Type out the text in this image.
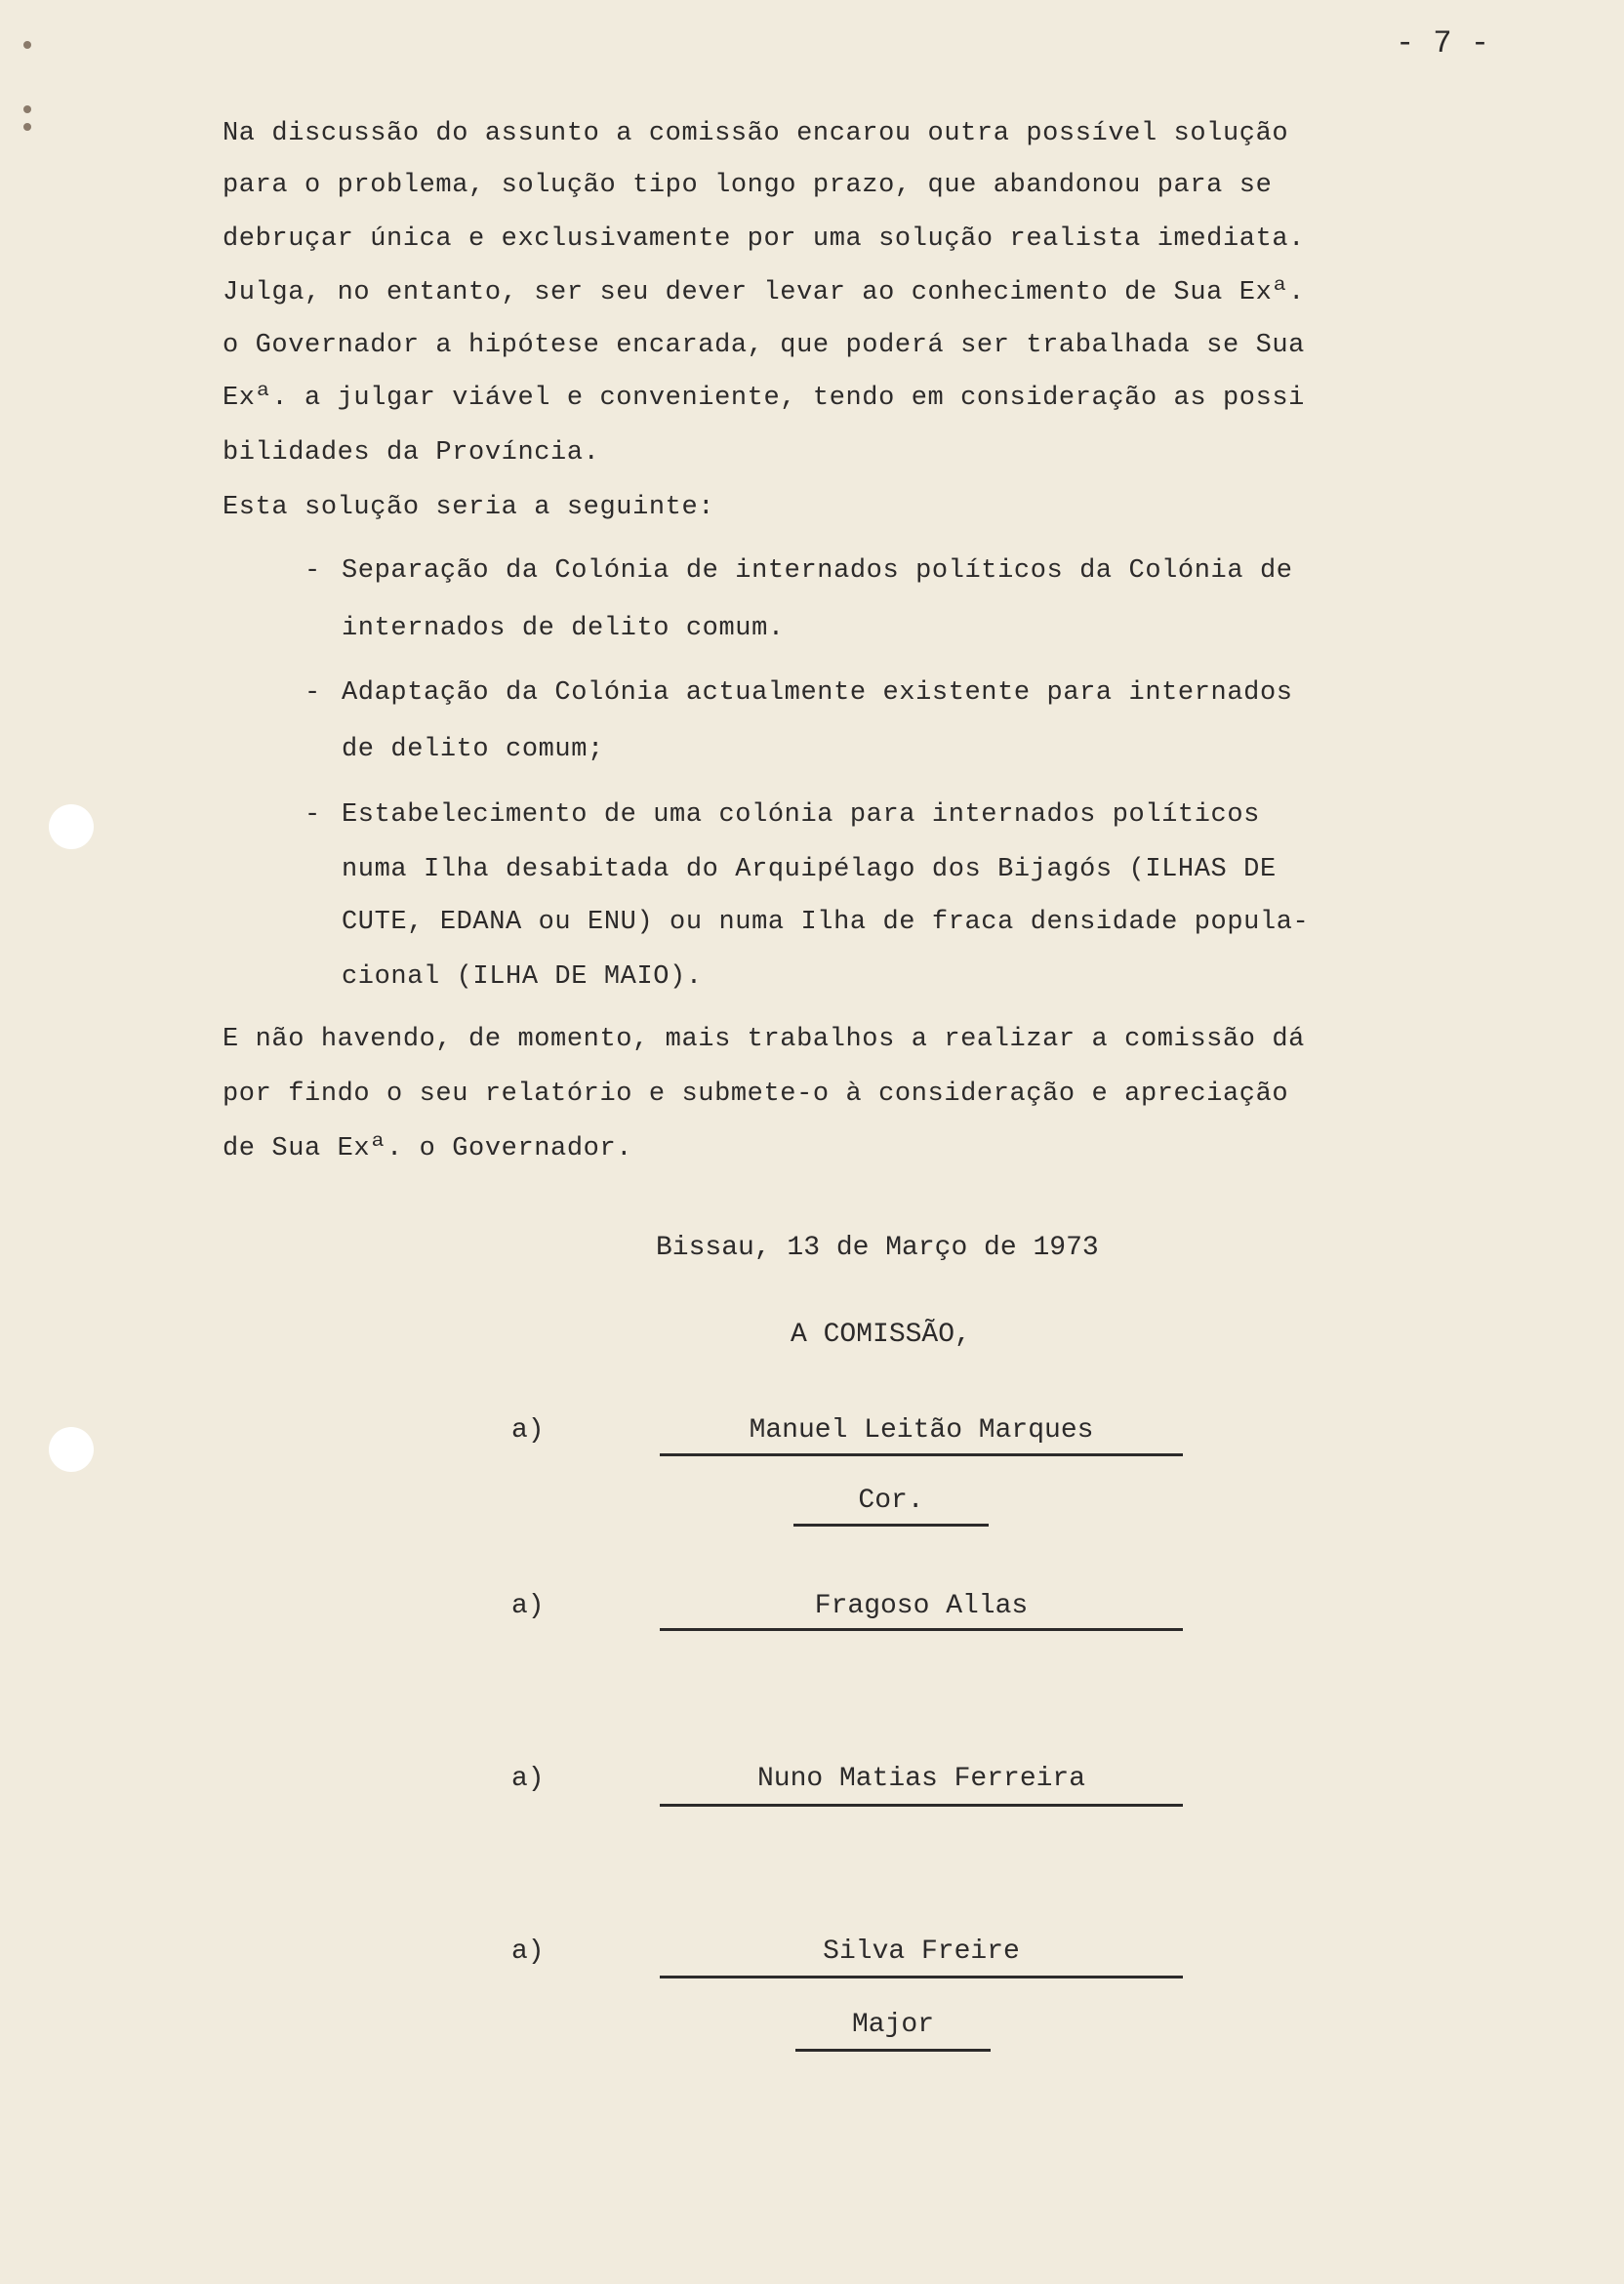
- 7 -
Na discussão do assunto a comissão encarou outra possível solução
para o problema, solução tipo longo prazo, que abandonou para se
debruçar única e exclusivamente por uma solução realista imediata.
Julga, no entanto, ser seu dever levar ao conhecimento de Sua Exª.
o Governador a hipótese encarada, que poderá ser trabalhada se Sua
Exª. a julgar viável e conveniente, tendo em consideração as possi
bilidades da Província.
Esta solução seria a seguinte:
- Separação da Colónia de internados políticos da Colónia de
internados de delito comum.
- Adaptação da Colónia actualmente existente para internados
de delito comum;
- Estabelecimento de uma colónia para internados políticos
numa Ilha desabitada do Arquipélago dos Bijagós (ILHAS DE
CUTE, EDANA ou ENU) ou numa Ilha de fraca densidade popula-
cional (ILHA DE MAIO).
E não havendo, de momento, mais trabalhos a realizar a comissão dá
por findo o seu relatório e submete-o à consideração e apreciação
de Sua Exª. o Governador.
Bissau, 13 de Março de 1973
A COMISSÃO,
a)	Manuel Leitão Marques
Cor.
a)	Fragoso Allas
a)	Nuno Matias Ferreira
a)	Silva Freire
Major
